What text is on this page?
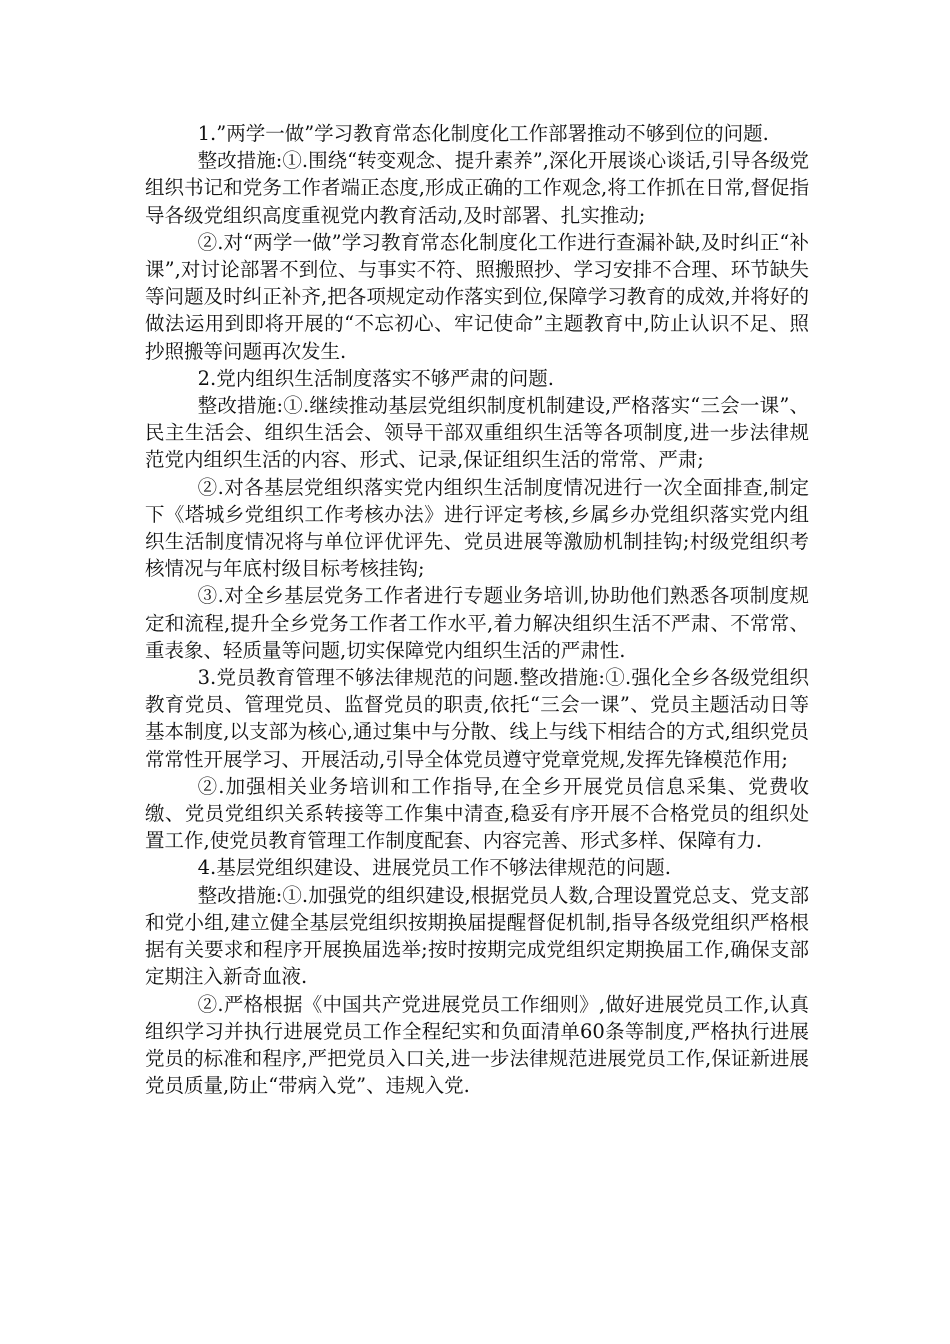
1.”两学一做”学习教育常态化制度化工作部署推动不够到位的问题.

整改措施:①.围绕“转变观念、提升素养”,深化开展谈心谈话,引导各级党组织书记和党务工作者端正态度,形成正确的工作观念,将工作抓在日常,督促指导各级党组织高度重视党内教育活动,及时部署、扎实推动;

②.对“两学一做”学习教育常态化制度化工作进行查漏补缺,及时纠正“补课”,对讨论部署不到位、与事实不符、照搬照抄、学习安排不合理、环节缺失等问题及时纠正补齐,把各项规定动作落实到位,保障学习教育的成效,并将好的做法运用到即将开展的“不忘初心、牢记使命”主题教育中,防止认识不足、照抄照搬等问题再次发生.

2.党内组织生活制度落实不够严肃的问题.

整改措施:①.继续推动基层党组织制度机制建设,严格落实“三会一课”、民主生活会、组织生活会、领导干部双重组织生活等各项制度,进一步法律规范党内组织生活的内容、形式、记录,保证组织生活的常常、严肃;

②.对各基层党组织落实党内组织生活制度情况进行一次全面排查,制定下《塔城乡党组织工作考核办法》进行评定考核,乡属乡办党组织落实党内组织生活制度情况将与单位评优评先、党员进展等激励机制挂钩;村级党组织考核情况与年底村级目标考核挂钩;

③.对全乡基层党务工作者进行专题业务培训,协助他们熟悉各项制度规定和流程,提升全乡党务工作者工作水平,着力解决组织生活不严肃、不常常、重表象、轻质量等问题,切实保障党内组织生活的严肃性.

3.党员教育管理不够法律规范的问题.整改措施:①.强化全乡各级党组织教育党员、管理党员、监督党员的职责,依托“三会一课”、党员主题活动日等基本制度,以支部为核心,通过集中与分散、线上与线下相结合的方式,组织党员常常性开展学习、开展活动,引导全体党员遵守党章党规,发挥先锋模范作用;

②.加强相关业务培训和工作指导,在全乡开展党员信息采集、党费收缴、党员党组织关系转接等工作集中清查,稳妥有序开展不合格党员的组织处置工作,使党员教育管理工作制度配套、内容完善、形式多样、保障有力.

4.基层党组织建设、进展党员工作不够法律规范的问题.

整改措施:①.加强党的组织建设,根据党员人数,合理设置党总支、党支部和党小组,建立健全基层党组织按期换届提醒督促机制,指导各级党组织严格根据有关要求和程序开展换届选举;按时按期完成党组织定期换届工作,确保支部定期注入新奇血液.

②.严格根据《中国共产党进展党员工作细则》,做好进展党员工作,认真组织学习并执行进展党员工作全程纪实和负面清单60条等制度,严格执行进展党员的标准和程序,严把党员入口关,进一步法律规范进展党员工作,保证新进展党员质量,防止“带病入党”、违规入党.
